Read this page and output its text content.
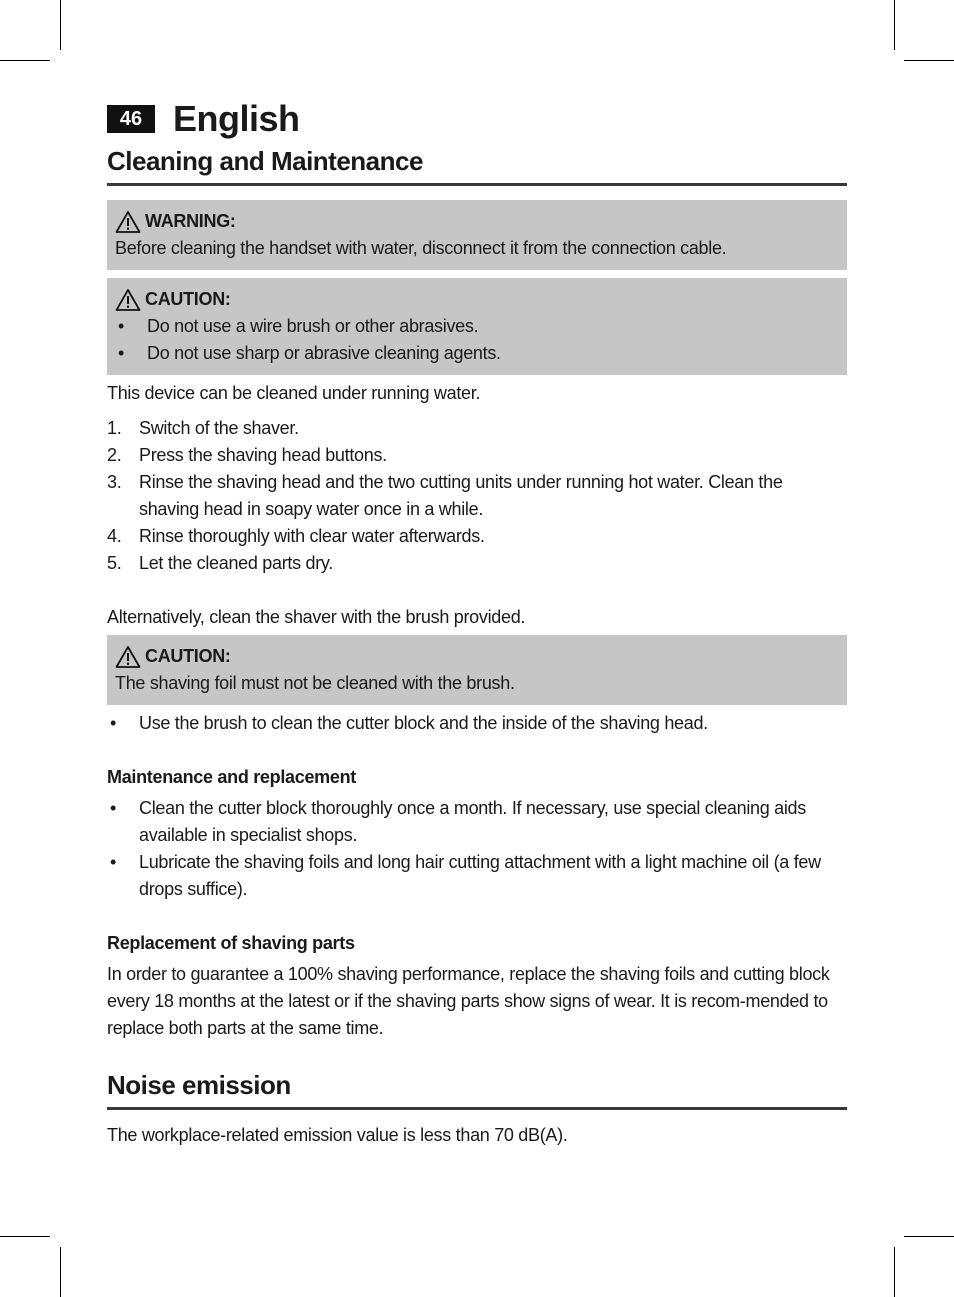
46 English
Cleaning and Maintenance
WARNING:
Before cleaning the handset with water, disconnect it from the connection cable.
CAUTION:
• Do not use a wire brush or other abrasives.
• Do not use sharp or abrasive cleaning agents.

This device can be cleaned under running water.

1. Switch of the shaver.
2. Press the shaving head buttons.
3. Rinse the shaving head and the two cutting units under running hot water. Clean the shaving head in soapy water once in a while.
4. Rinse thoroughly with clear water afterwards.
5. Let the cleaned parts dry.

Alternatively, clean the shaver with the brush provided.

CAUTION:
The shaving foil must not be cleaned with the brush.
• Use the brush to clean the cutter block and the inside of the shaving head.
Maintenance and replacement
• Clean the cutter block thoroughly once a month. If necessary, use special cleaning aids available in specialist shops.
• Lubricate the shaving foils and long hair cutting attachment with a light machine oil (a few drops suffice).
Replacement of shaving parts

In order to guarantee a 100% shaving performance, replace the shaving foils and cutting block every 18 months at the latest or if the shaving parts show signs of wear. It is recom-mended to replace both parts at the same time.

Noise emission

The workplace-related emission value is less than 70 dB(A).
